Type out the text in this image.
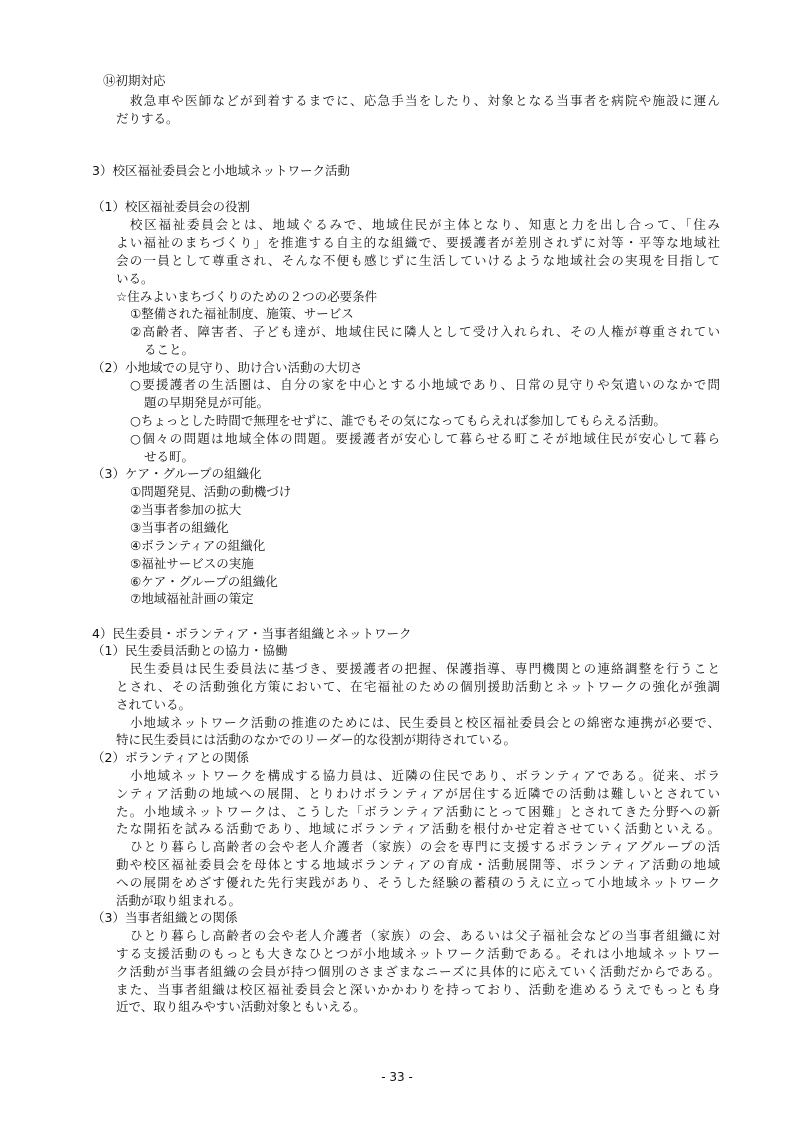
⑭初期対応
救急車や医師などが到着するまでに、応急手当をしたり、対象となる当事者を病院や施設に運ん
だりする。
3）校区福祉委員会と小地域ネットワーク活動
（1）校区福祉委員会の役割
校区福祉委員会とは、地域ぐるみで、地域住民が主体となり、知恵と力を出し合って、「住み
よい福祉のまちづくり」を推進する自主的な組織で、要援護者が差別されずに対等・平等な地域社
会の一員として尊重され、そんな不便も感じずに生活していけるような地域社会の実現を目指して
いる。
☆住みよいまちづくりのための２つの必要条件
①整備された福祉制度、施策、サービス
②高齢者、障害者、子ども達が、地域住民に隣人として受け入れられ、その人権が尊重されてい
ること。
（2）小地域での見守り、助け合い活動の大切さ
○要援護者の生活圏は、自分の家を中心とする小地域であり、日常の見守りや気遣いのなかで問
題の早期発見が可能。
○ちょっとした時間で無理をせずに、誰でもその気になってもらえれば参加してもらえる活動。
○個々の問題は地域全体の問題。要援護者が安心して暮らせる町こそが地域住民が安心して暮ら
せる町。
（3）ケア・グループの組織化
①問題発見、活動の動機づけ
②当事者参加の拡大
③当事者の組織化
④ボランティアの組織化
⑤福祉サービスの実施
⑥ケア・グループの組織化
⑦地域福祉計画の策定
4）民生委員・ボランティア・当事者組織とネットワーク
（1）民生委員活動との協力・協働
民生委員は民生委員法に基づき、要援護者の把握、保護指導、専門機関との連絡調整を行うこと
とされ、その活動強化方策において、在宅福祉のための個別援助活動とネットワークの強化が強調
されている。
小地域ネットワーク活動の推進のためには、民生委員と校区福祉委員会との綿密な連携が必要で、
特に民生委員には活動のなかでのリーダー的な役割が期待されている。
（2）ボランティアとの関係
小地域ネットワークを構成する協力員は、近隣の住民であり、ボランティアである。従来、ボラ
ンティア活動の地域への展開、とりわけボランティアが居住する近隣での活動は難しいとされてい
た。小地域ネットワークは、こうした「ボランティア活動にとって困難」とされてきた分野への新
たな開拓を試みる活動であり、地域にボランティア活動を根付かせ定着させていく活動といえる。
ひとり暮らし高齢者の会や老人介護者（家族）の会を専門に支援するボランティアグループの活
動や校区福祉委員会を母体とする地域ボランティアの育成・活動展開等、ボランティア活動の地域
への展開をめざす優れた先行実践があり、そうした経験の蓄積のうえに立って小地域ネットワーク
活動が取り組まれる。
（3）当事者組織との関係
ひとり暮らし高齢者の会や老人介護者（家族）の会、あるいは父子福祉会などの当事者組織に対
する支援活動のもっとも大きなひとつが小地域ネットワーク活動である。それは小地域ネットワー
ク活動が当事者組織の会員が持つ個別のさまざまなニーズに具体的に応えていく活動だからである。
また、当事者組織は校区福祉委員会と深いかかわりを持っており、活動を進めるうえでもっとも身
近で、取り組みやすい活動対象ともいえる。
- 33 -
